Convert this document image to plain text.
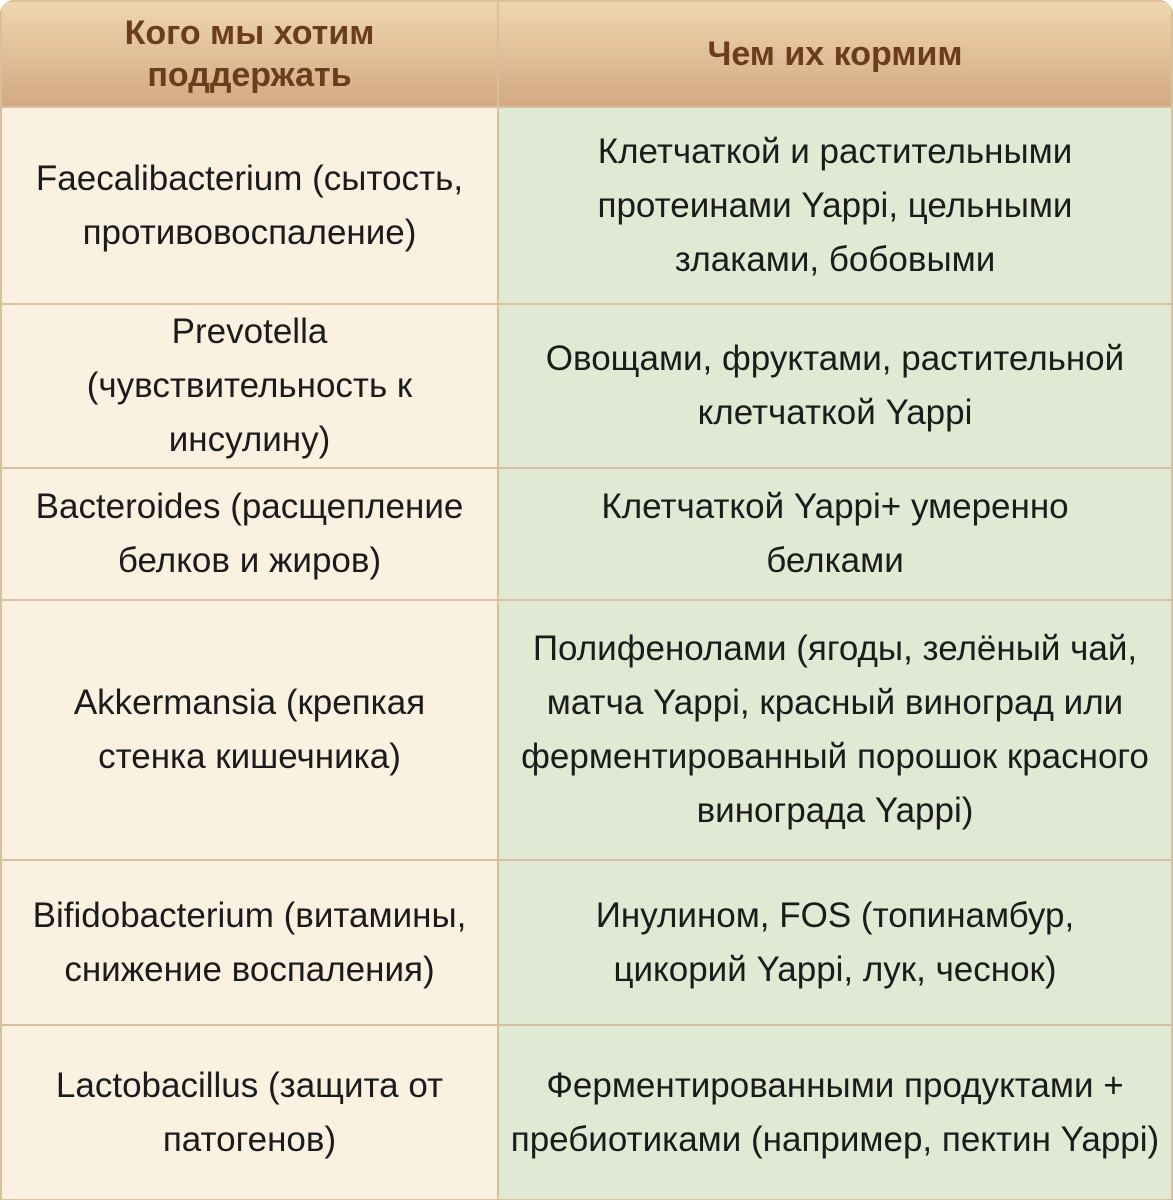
Кого мы хотим поддержать	Чем их кормим
Faecalibacterium (сытость, противовоспаление)	Клетчаткой и растительными протеинами Yappi, цельными злаками, бобовыми
Prevotella (чувствительность к инсулину)	Овощами, фруктами, растительной клетчаткой Yappi
Bacteroides (расщепление белков и жиров)	Клетчаткой Yappi+ умеренно белками
Akkermansia (крепкая стенка кишечника)	Полифенолами (ягоды, зелёный чай, матча Yappi, красный виноград или ферментированный порошок красного винограда Yappi)
Bifidobacterium (витамины, снижение воспаления)	Инулином, FOS (топинамбур, цикорий Yappi, лук, чеснок)
Lactobacillus (защита от патогенов)	Ферментированными продуктами + пребиотиками (например, пектин Yappi)
